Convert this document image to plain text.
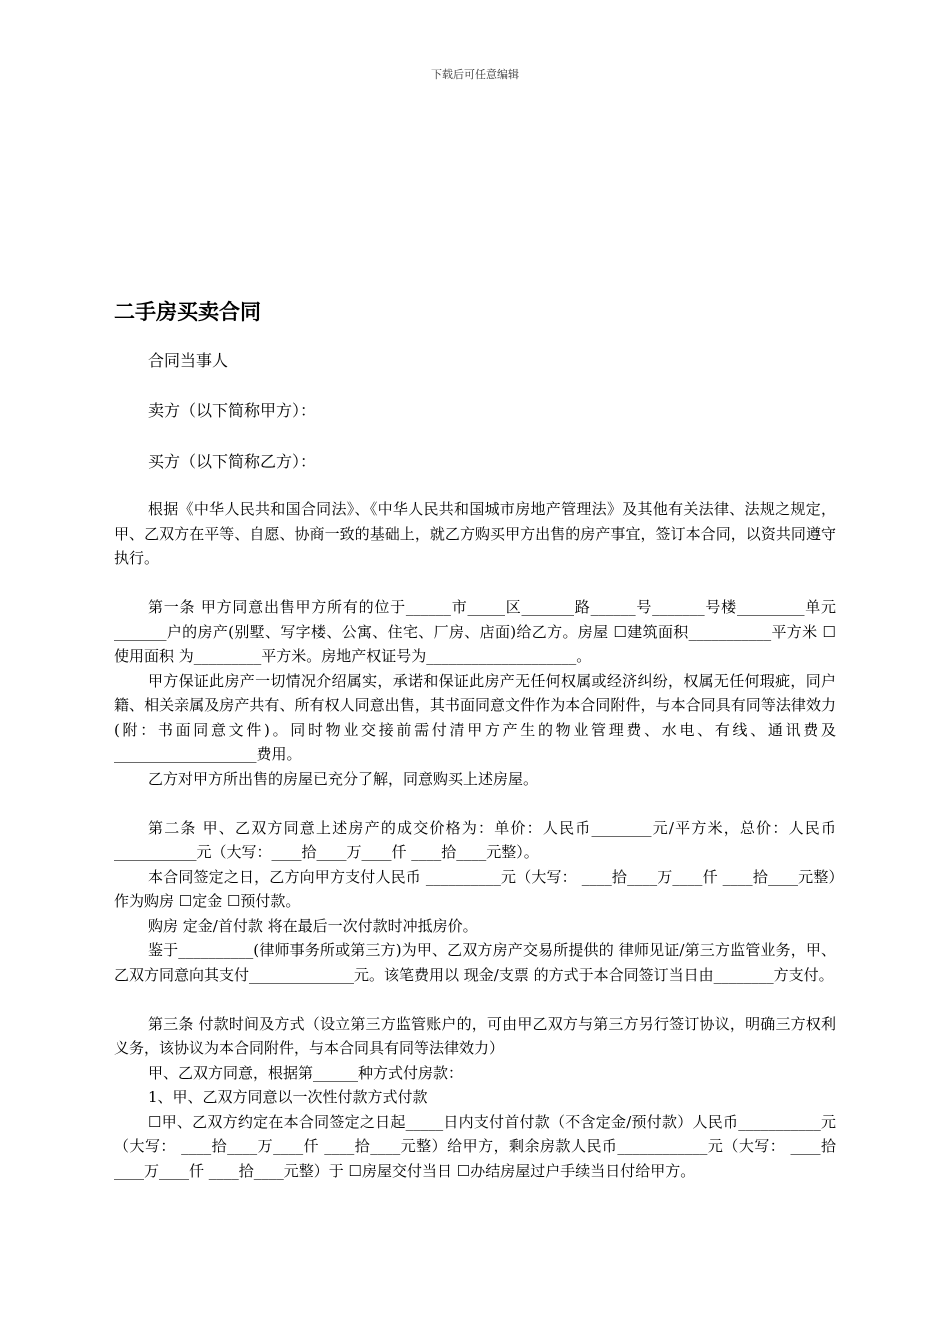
下载后可任意编辑
二手房买卖合同
合同当事人
卖方（以下简称甲方）：
买方（以下简称乙方）：

根据《中华人民共和国合同法》、《中华人民共和国城市房地产管理法》及其他有关法律、法规之规定，甲、乙双方在平等、自愿、协商一致的基础上，就乙方购买甲方出售的房产事宜，签订本合同，以资共同遵守执行。

第一条 甲方同意出售甲方所有的位于______市_____区_______路______号_______号楼_________单元_______户的房产(别墅、写字楼、公寓、住宅、厂房、店面)给乙方。房屋 ☐建筑面积___________平方米 ☐使用面积 为_________平方米。房地产权证号为____________________。

甲方保证此房产一切情况介绍属实，承诺和保证此房产无任何权属或经济纠纷，权属无任何瑕疵，同户籍、相关亲属及房产共有、所有权人同意出售，其书面同意文件作为本合同附件，与本合同具有同等法律效力(附：书面同意文件)。同时物业交接前需付清甲方产生的物业管理费、水电、有线、通讯费及___________________费用。

乙方对甲方所出售的房屋已充分了解，同意购买上述房屋。

第二条 甲、乙双方同意上述房产的成交价格为：单价：人民币________元/平方米，总价：人民币___________元（大写：____拾____万____仟 ____拾____元整）。

本合同签定之日，乙方向甲方支付人民币 __________元（大写： ____拾____万____仟 ____拾____元整）作为购房 ☐定金 ☐预付款。

购房 定金/首付款 将在最后一次付款时冲抵房价。

鉴于__________(律师事务所或第三方)为甲、乙双方房产交易所提供的 律师见证/第三方监管业务，甲、乙双方同意向其支付______________元。该笔费用以 现金/支票 的方式于本合同签订当日由________方支付。

第三条 付款时间及方式（设立第三方监管账户的，可由甲乙双方与第三方另行签订协议，明确三方权利义务，该协议为本合同附件，与本合同具有同等法律效力）

甲、乙双方同意，根据第______种方式付房款：

1、甲、乙双方同意以一次性付款方式付款

☐甲、乙双方约定在本合同签定之日起_____日内支付首付款（不含定金/预付款）人民币___________元（大写： ____拾____万____仟 ____拾____元整）给甲方，剩余房款人民币____________元（大写： ____拾____万____仟 ____拾____元整）于 ☐房屋交付当日 ☐办结房屋过户手续当日付给甲方。
